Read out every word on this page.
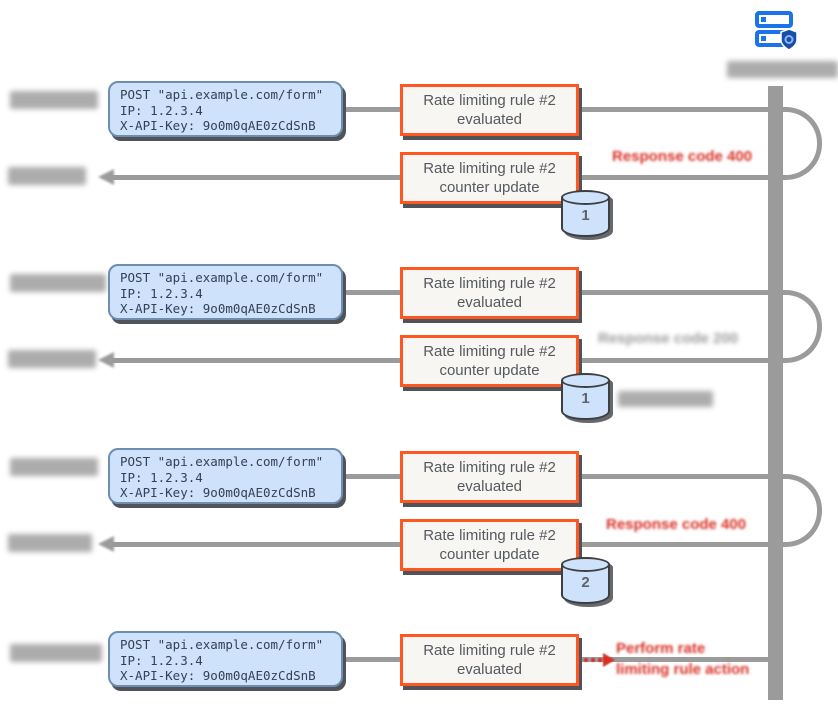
POST "api.example.com/form"
IP: 1.2.3.4
X-API-Key: 9o0m0qAE0zCdSnB
Rate limiting rule #2
evaluated
Response code 400
Rate limiting rule #2
counter update
1
POST "api.example.com/form"
IP: 1.2.3.4
X-API-Key: 9o0m0qAE0zCdSnB
Rate limiting rule #2
evaluated
Response code 200
Rate limiting rule #2
counter update
1
POST "api.example.com/form"
IP: 1.2.3.4
X-API-Key: 9o0m0qAE0zCdSnB
Rate limiting rule #2
evaluated
Response code 400
Rate limiting rule #2
counter update
2
POST "api.example.com/form"
IP: 1.2.3.4
X-API-Key: 9o0m0qAE0zCdSnB
Rate limiting rule #2
evaluated
Perform rate
limiting rule action
